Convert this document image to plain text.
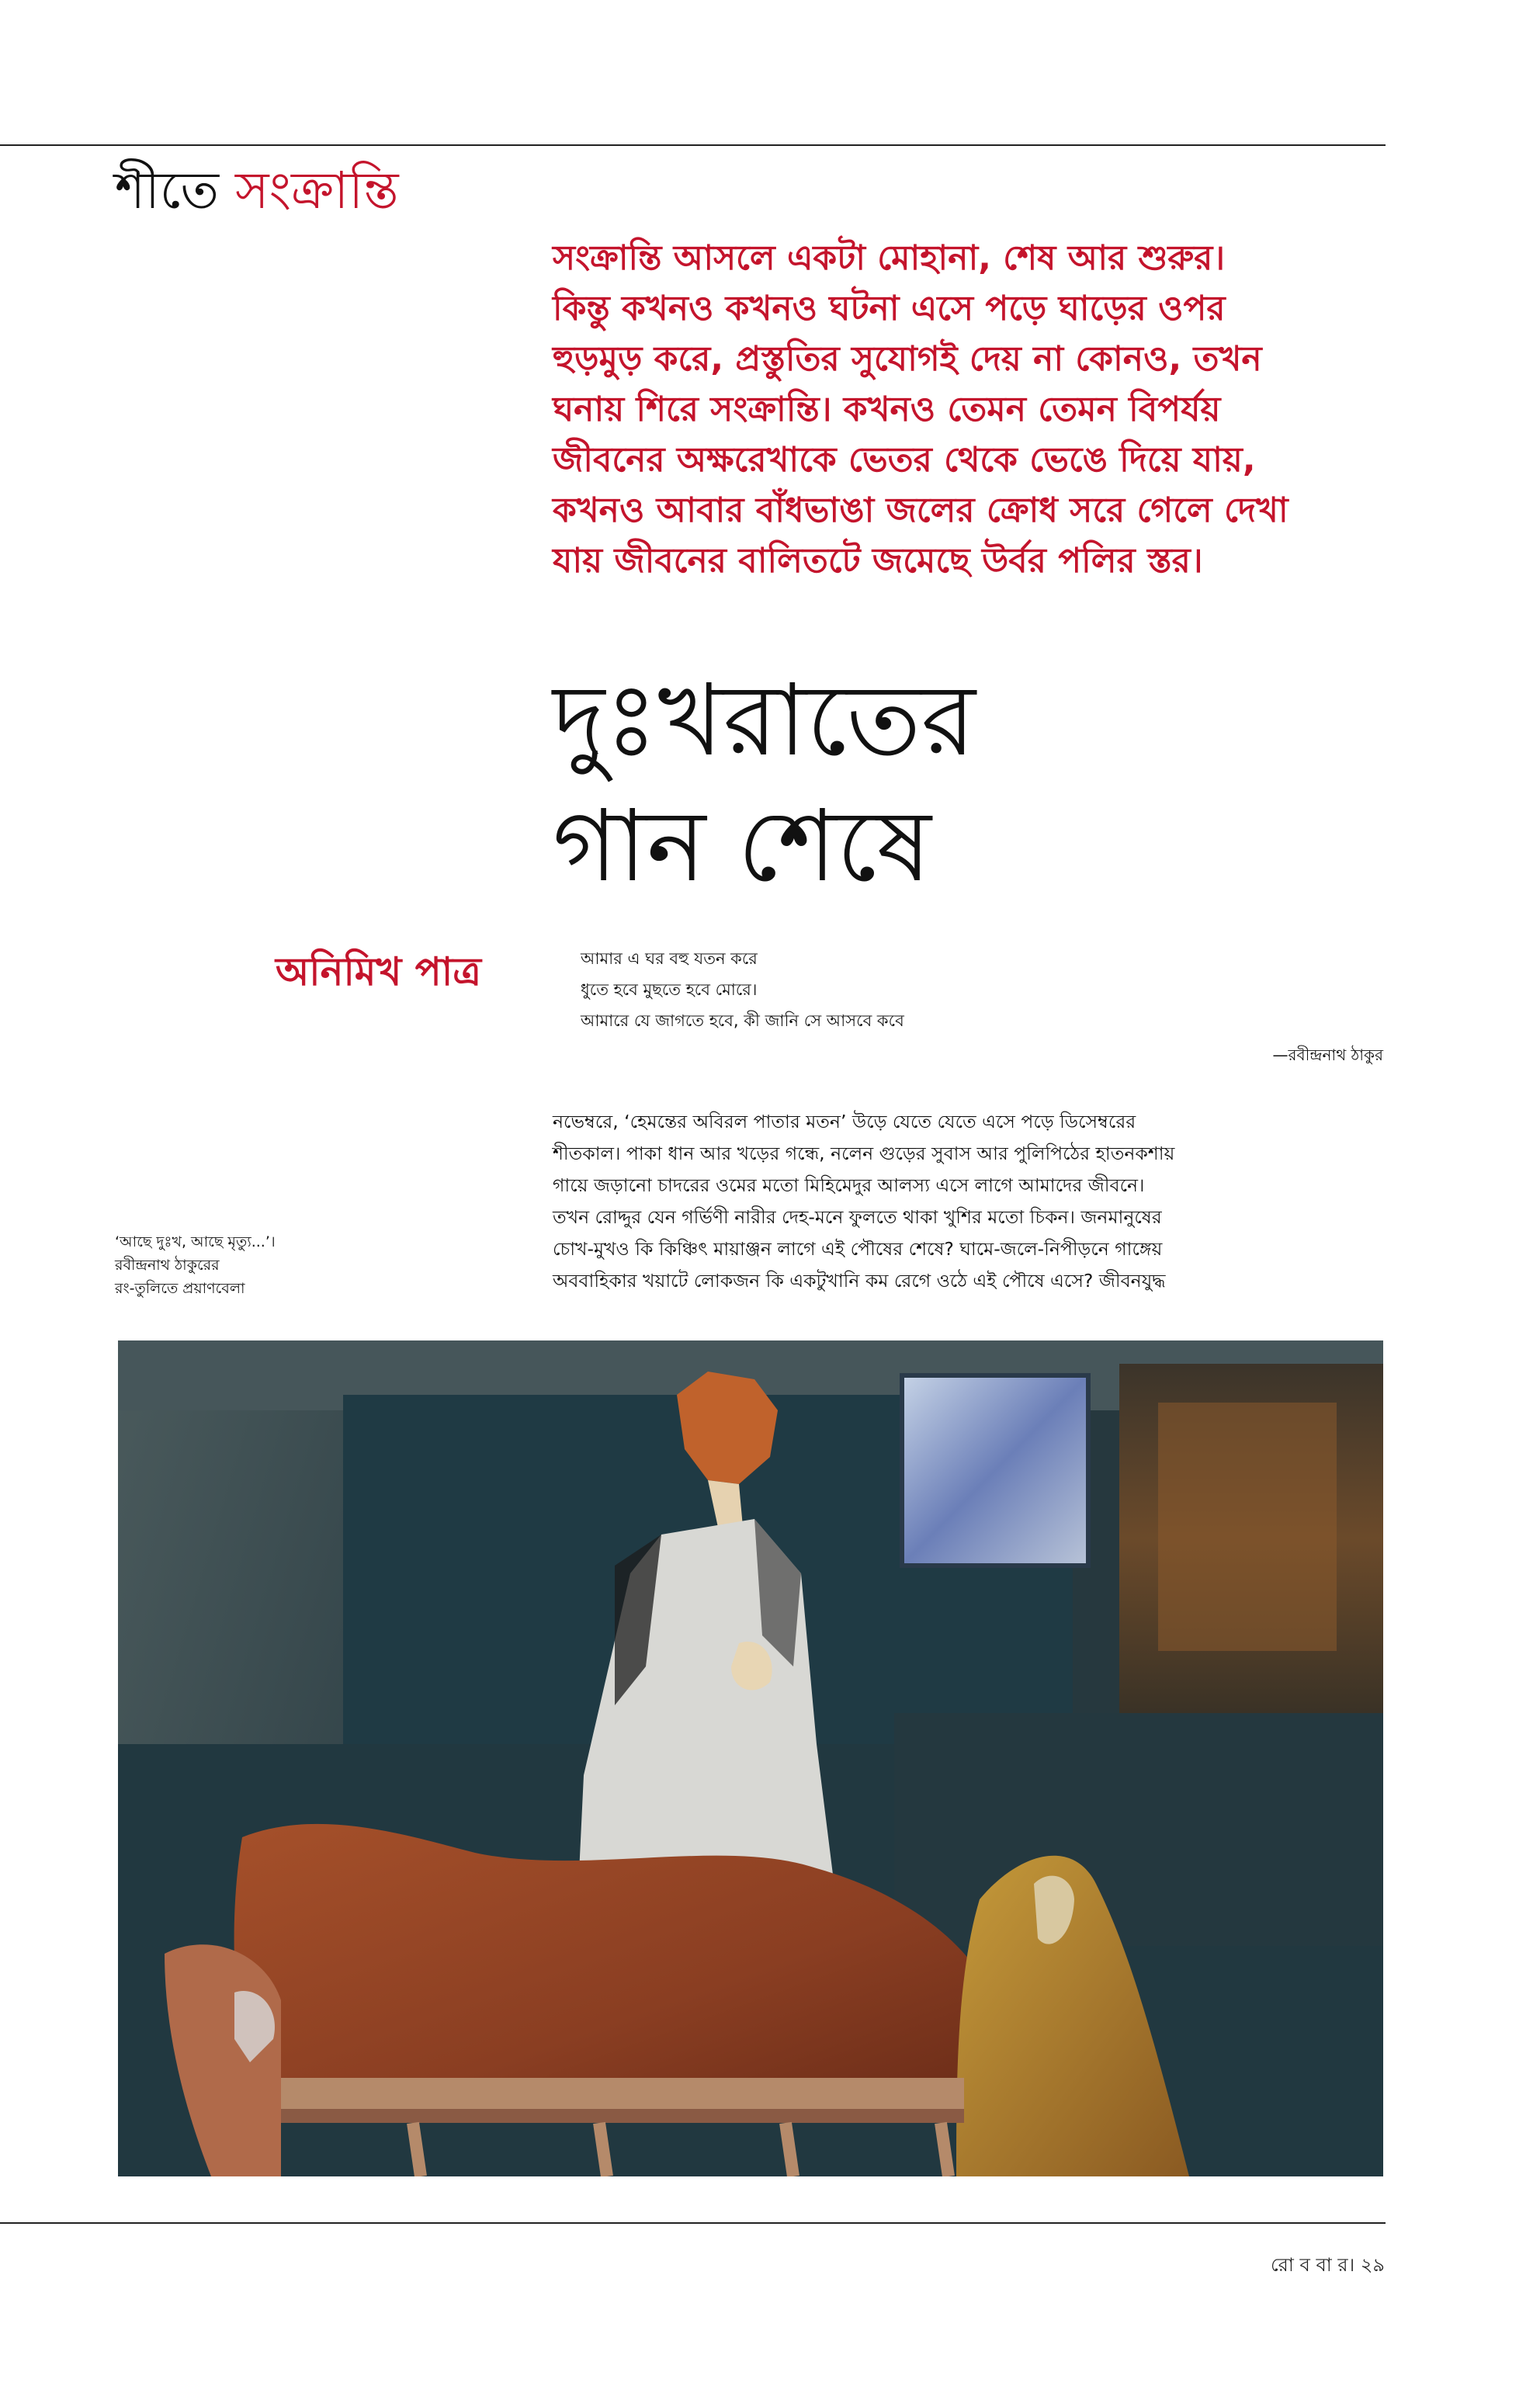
শীতে সংক্রান্তি
সংক্রান্তি আসলে একটা মোহানা, শেষ আর শুরুর।
কিন্তু কখনও কখনও ঘটনা এসে পড়ে ঘাড়ের ওপর
হুড়মুড় করে, প্রস্তুতির সুযোগই দেয় না কোনও, তখন
ঘনায় শিরে সংক্রান্তি। কখনও তেমন তেমন বিপর্যয়
জীবনের অক্ষরেখাকে ভেতর থেকে ভেঙে দিয়ে যায়,
কখনও আবার বাঁধভাঙা জলের ক্রোধ সরে গেলে দেখা
যায় জীবনের বালিতটে জমেছে উর্বর পলির স্তর।
দুঃখরাতের
গান শেষে
অনিমিখ পাত্র	আমার এ ঘর বহু যতন করে
ধুতে হবে মুছতে হবে মোরে।
আমারে যে জাগতে হবে, কী জানি সে আসবে কবে
—রবীন্দ্রনাথ ঠাকুর
‘আছে দুঃখ, আছে মৃত্যু...’।
রবীন্দ্রনাথ ঠাকুরের
রং-তুলিতে প্রয়াণবেলা
নভেম্বরে, ‘হেমন্তের অবিরল পাতার মতন’ উড়ে যেতে যেতে এসে পড়ে ডিসেম্বরের
শীতকাল। পাকা ধান আর খড়ের গন্ধে, নলেন গুড়ের সুবাস আর পুলিপিঠের হাতনকশায়
গায়ে জড়ানো চাদরের ওমের মতো মিহিমেদুর আলস্য এসে লাগে আমাদের জীবনে।
তখন রোদ্দুর যেন গর্ভিণী নারীর দেহ-মনে ফুলতে থাকা খুশির মতো চিকন। জনমানুষের
চোখ-মুখও কি কিঞ্চিৎ মায়াঞ্জন লাগে এই পৌষের শেষে? ঘামে-জলে-নিপীড়নে গাঙ্গেয়
অববাহিকার খয়াটে লোকজন কি একটুখানি কম রেগে ওঠে এই পৌষে এসে? জীবনযুদ্ধ
রো ব বা র। ২৯
